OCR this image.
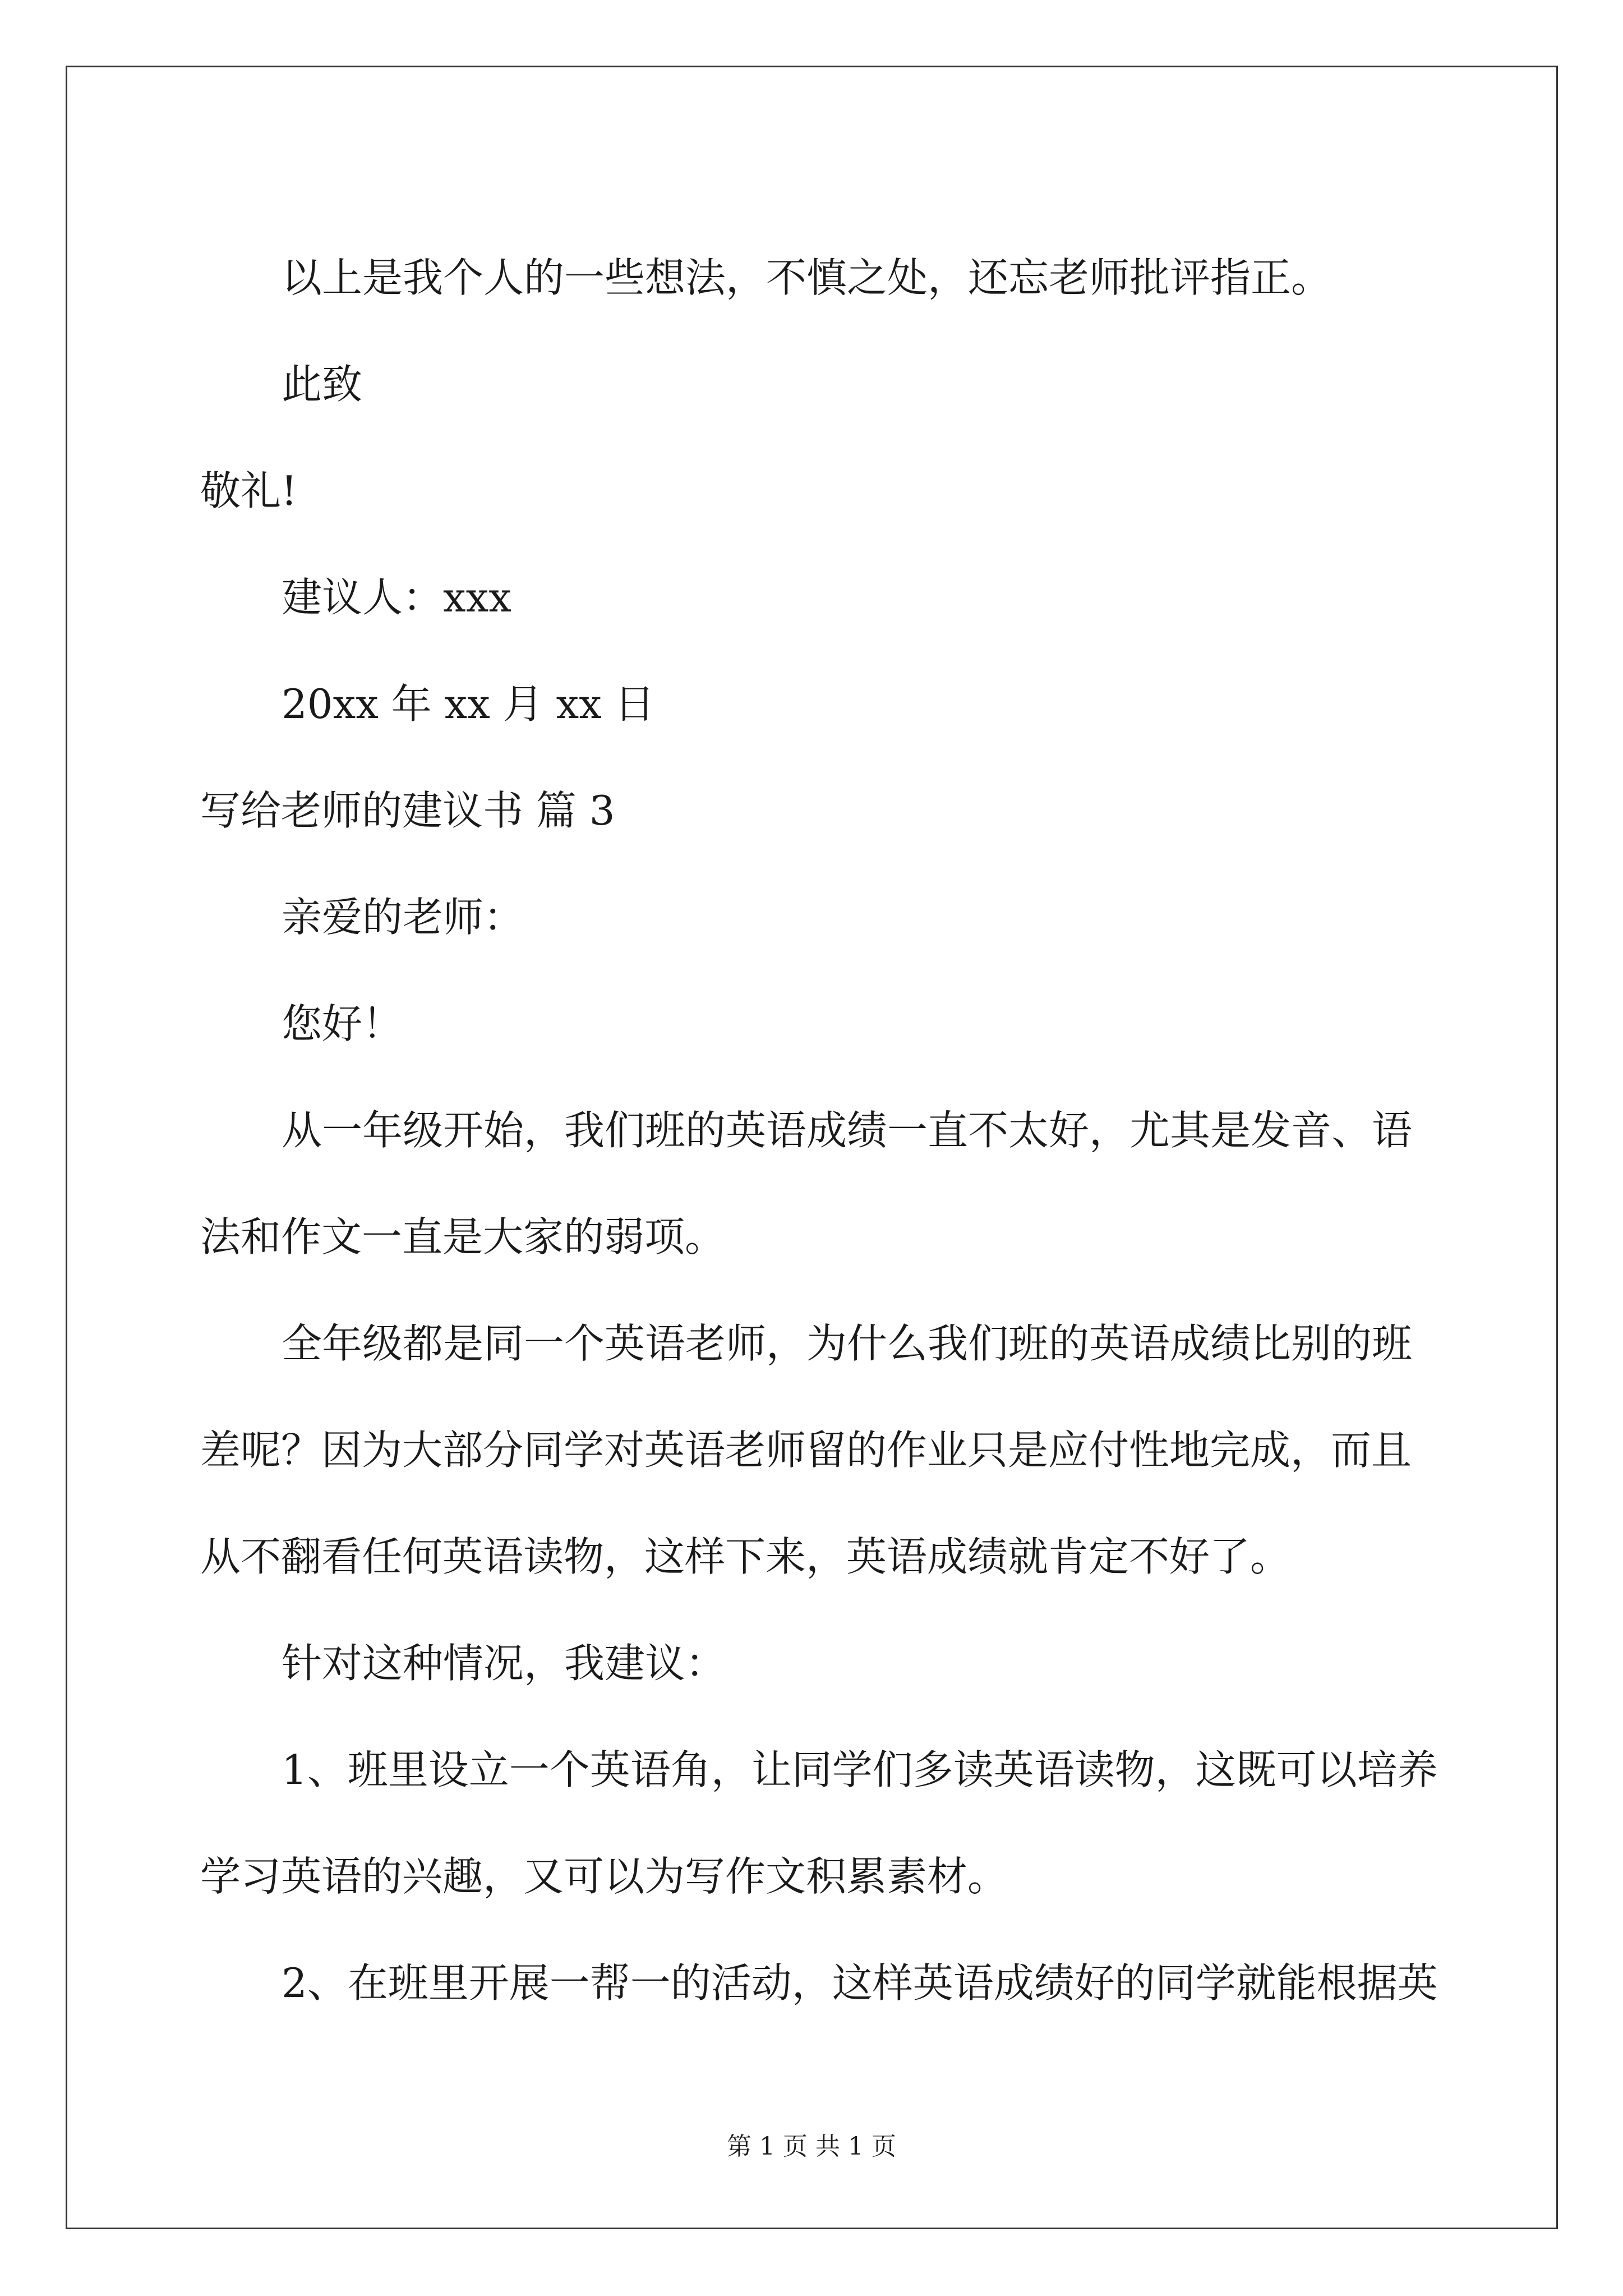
以上是我个人的一些想法，不慎之处，还忘老师批评指正。
此致
敬礼!
建议人：xxx
20xx 年 xx 月 xx 日
写给老师的建议书 篇 3
亲爱的老师：
您好！
从一年级开始，我们班的英语成绩一直不太好，尤其是发音、语
法和作文一直是大家的弱项。
全年级都是同一个英语老师，为什么我们班的英语成绩比别的班
差呢？因为大部分同学对英语老师留的作业只是应付性地完成，而且
从不翻看任何英语读物，这样下来，英语成绩就肯定不好了。
针对这种情况，我建议：
1、班里设立一个英语角，让同学们多读英语读物，这既可以培养
学习英语的兴趣，又可以为写作文积累素材。
2、在班里开展一帮一的活动，这样英语成绩好的同学就能根据英
第 1 页 共 1 页
